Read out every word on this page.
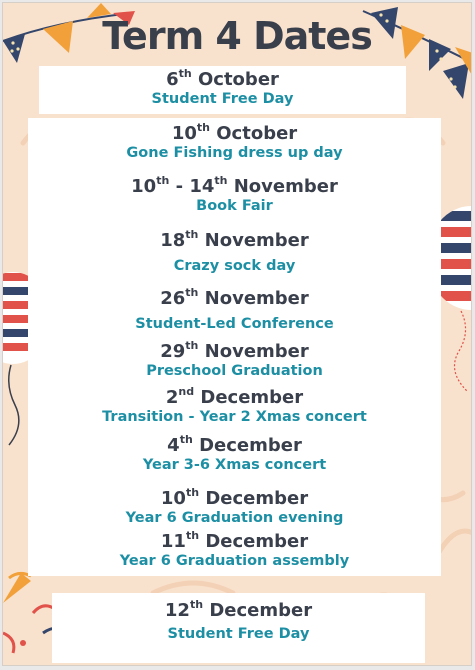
Term 4 Dates
6th October
Student Free Day
10th October
Gone Fishing dress up day
10th - 14th November
Book Fair
18th November
Crazy sock day
26th November
Student-Led Conference
29th November
Preschool Graduation
2nd December
Transition - Year 2 Xmas concert
4th December
Year 3-6 Xmas concert
10th December
Year 6 Graduation evening
11th December
Year 6 Graduation assembly
12th December
Student Free Day
